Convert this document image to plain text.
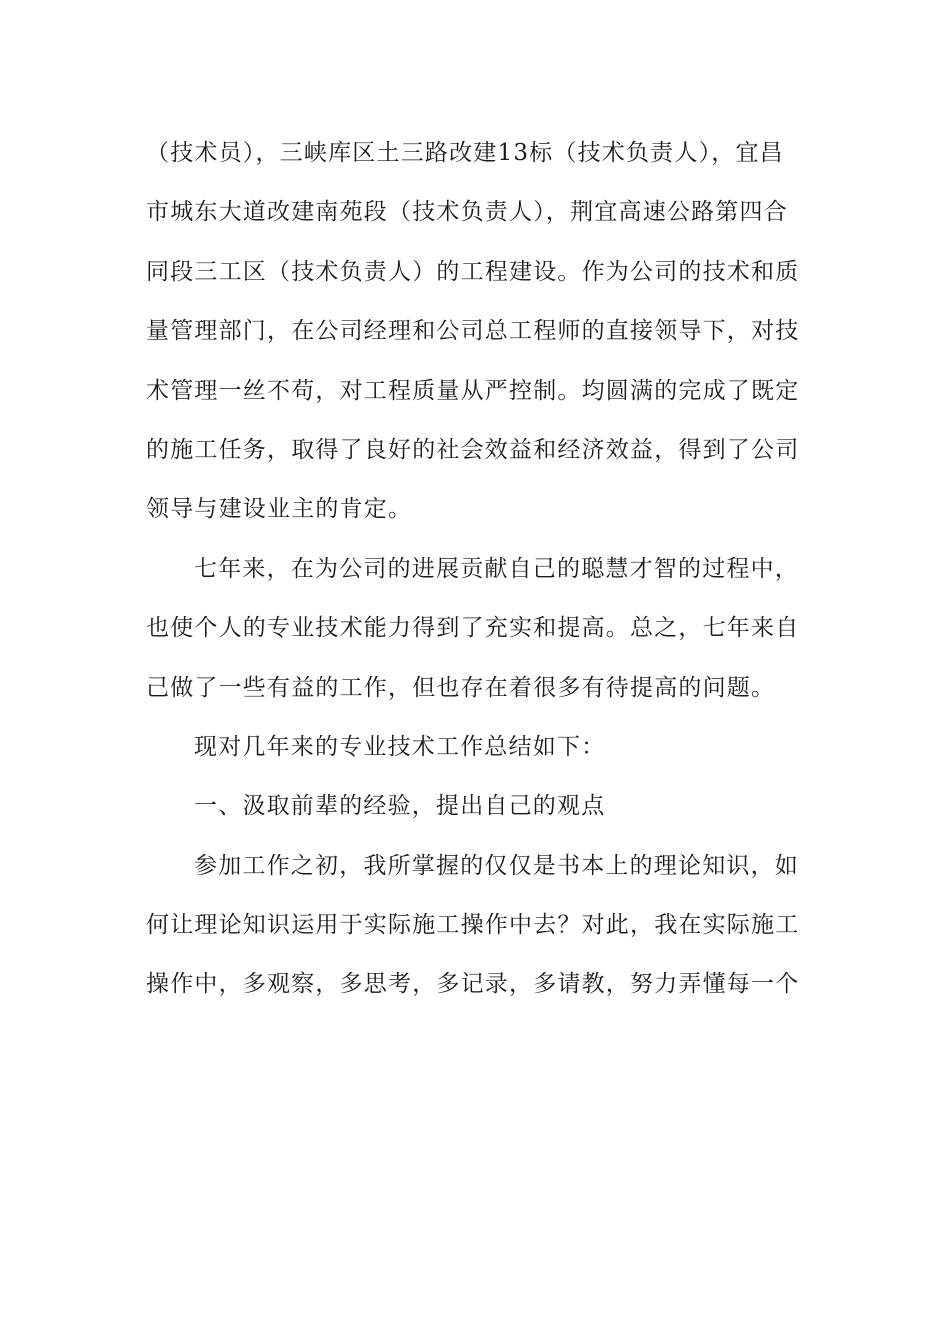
（技术员），三峡库区土三路改建13标（技术负责人），宜昌
市城东大道改建南苑段（技术负责人），荆宜高速公路第四合
同段三工区（技术负责人）的工程建设。作为公司的技术和质
量管理部门，在公司经理和公司总工程师的直接领导下，对技
术管理一丝不苟，对工程质量从严控制。均圆满的完成了既定
的施工任务，取得了良好的社会效益和经济效益，得到了公司
领导与建设业主的肯定。
七年来，在为公司的进展贡献自己的聪慧才智的过程中，
也使个人的专业技术能力得到了充实和提高。总之，七年来自
己做了一些有益的工作，但也存在着很多有待提高的问题。
现对几年来的专业技术工作总结如下：
一、汲取前辈的经验，提出自己的观点
参加工作之初，我所掌握的仅仅是书本上的理论知识，如
何让理论知识运用于实际施工操作中去？对此，我在实际施工
操作中，多观察，多思考，多记录，多请教，努力弄懂每一个
